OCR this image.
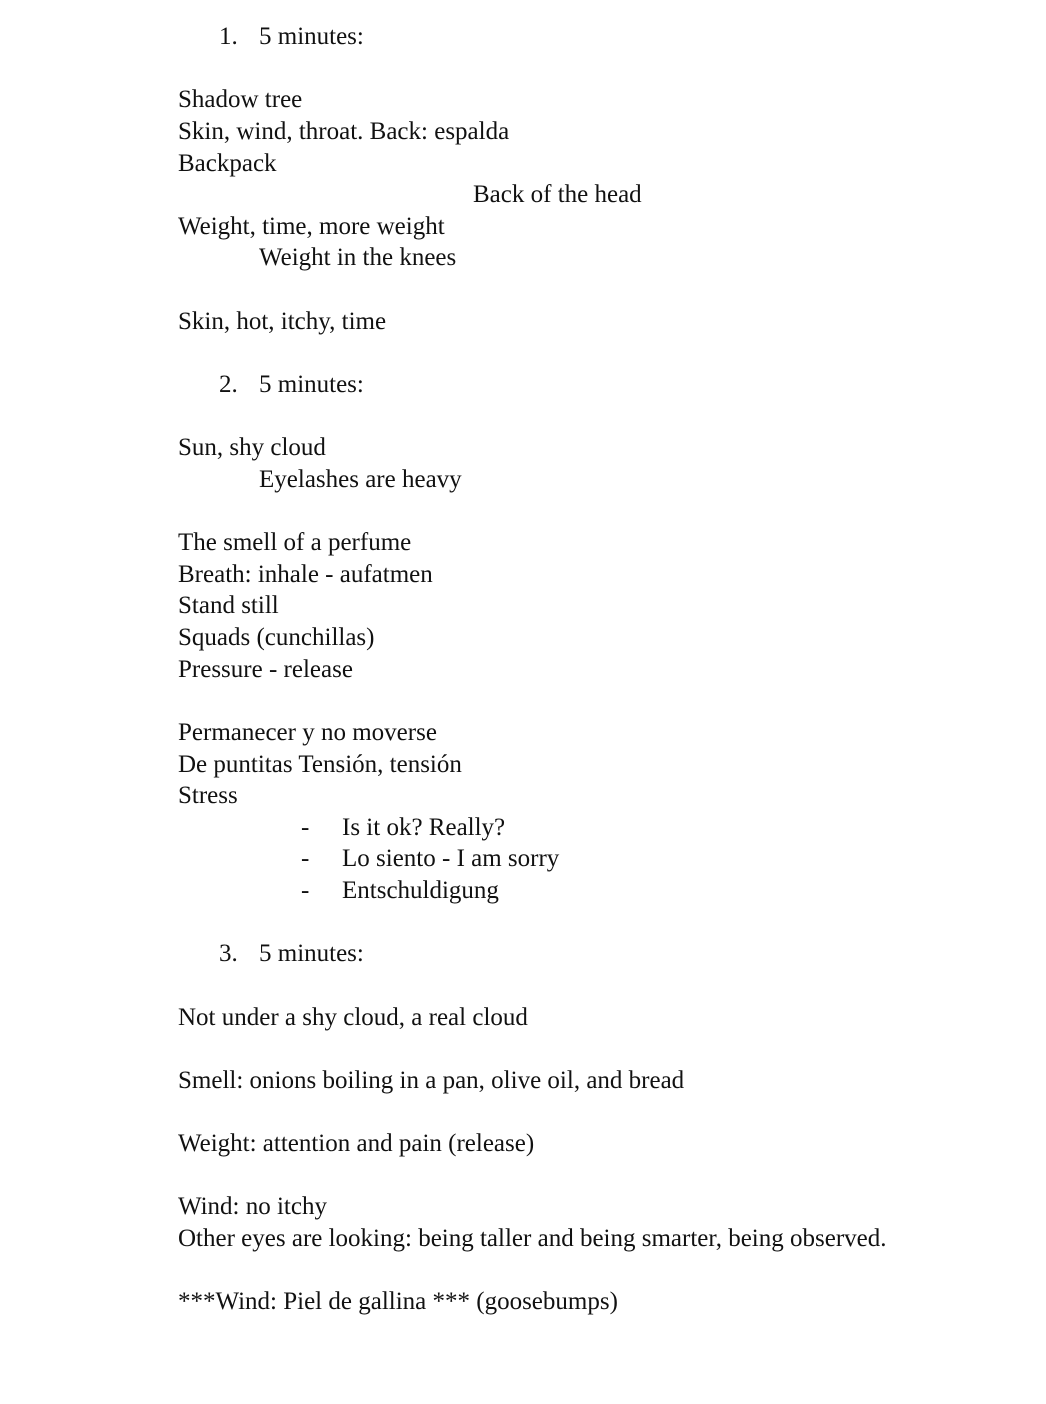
1. 5 minutes:
Shadow tree
Skin, wind, throat. Back: espalda
Backpack
Back of the head
Weight, time, more weight
Weight in the knees
Skin, hot, itchy, time
2. 5 minutes:
Sun, shy cloud
Eyelashes are heavy
The smell of a perfume
Breath: inhale - aufatmen
Stand still
Squads (cunchillas)
Pressure - release
Permanecer y no moverse
De puntitas Tensión, tensión
Stress
- Is it ok? Really?
- Lo siento - I am sorry
- Entschuldigung
3. 5 minutes:
Not under a shy cloud, a real cloud
Smell: onions boiling in a pan, olive oil, and bread
Weight: attention and pain (release)
Wind: no itchy
Other eyes are looking: being taller and being smarter, being observed.
***Wind: Piel de gallina *** (goosebumps)
